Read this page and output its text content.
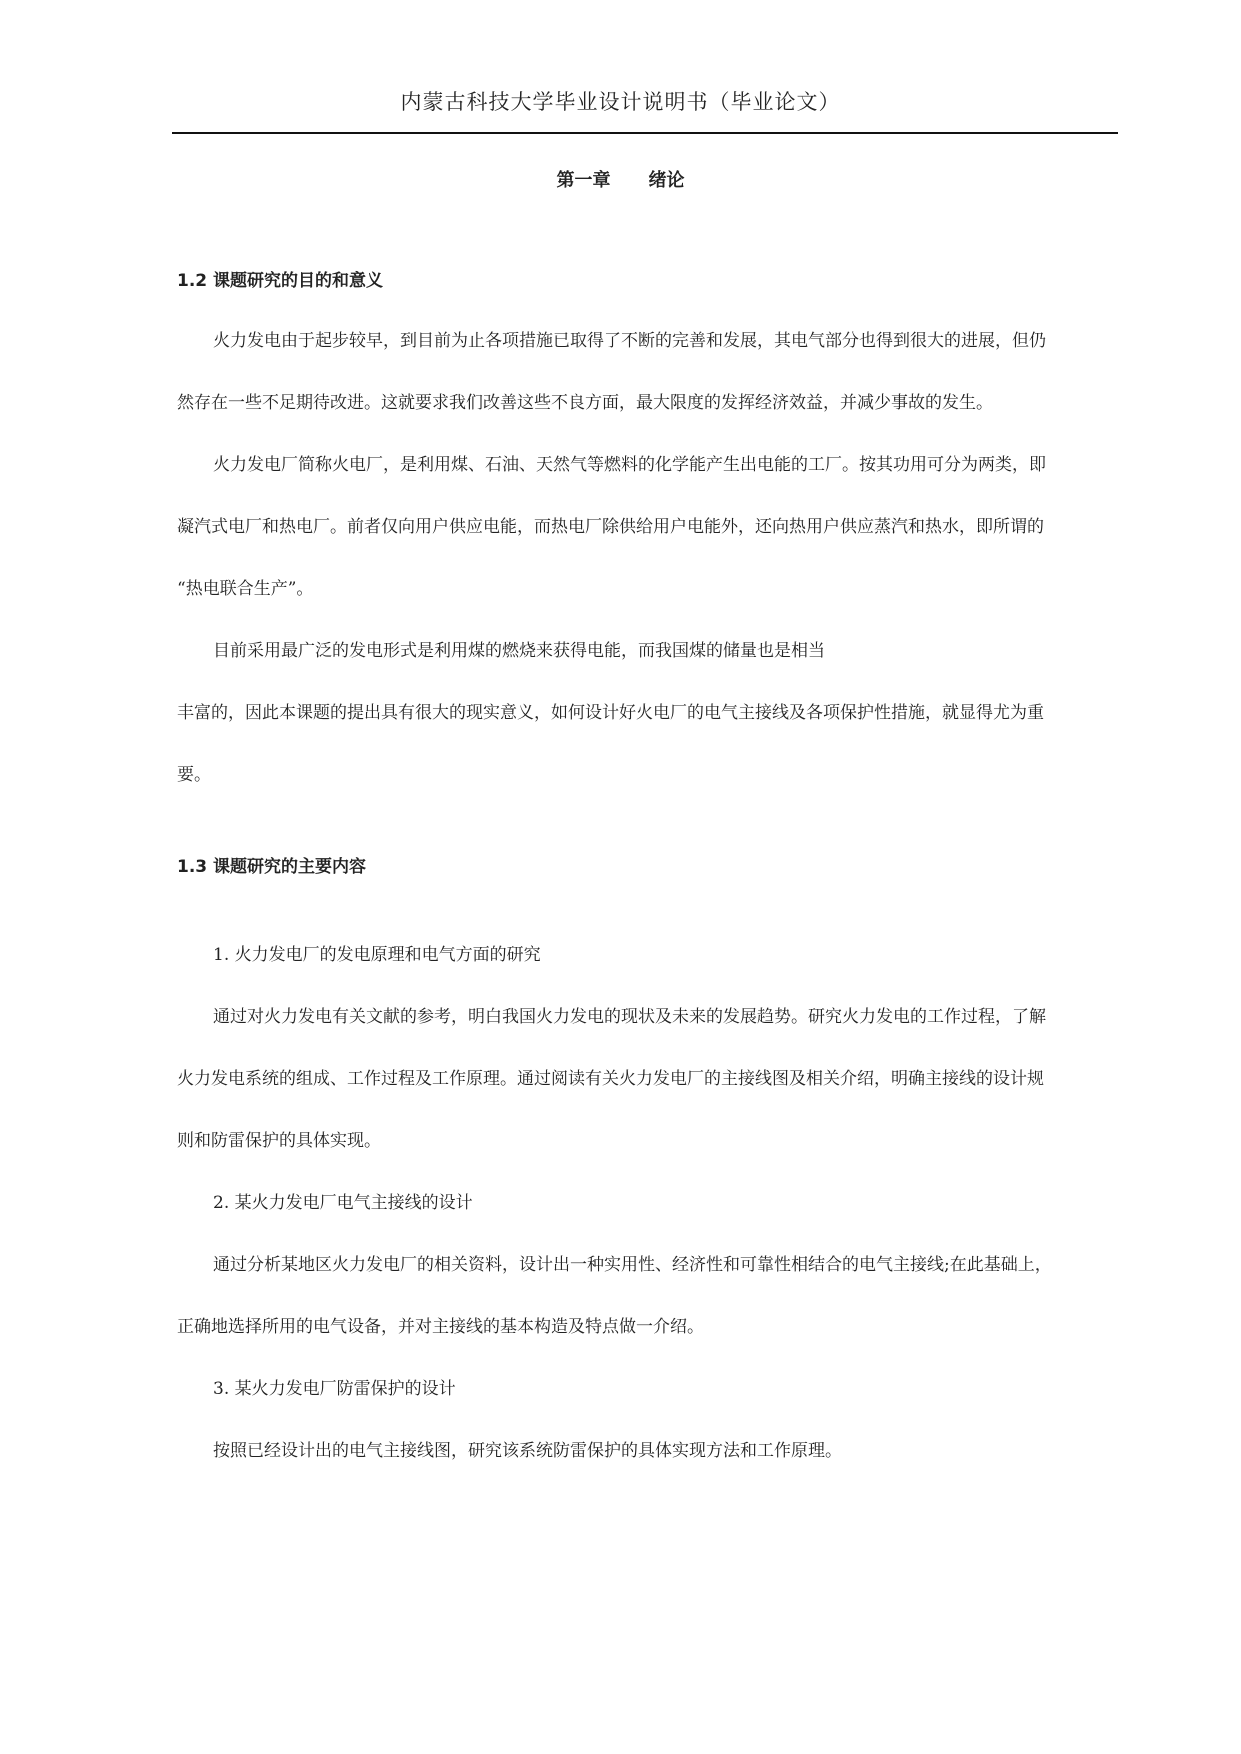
内蒙古科技大学毕业设计说明书（毕业论文）
第一章 绪论
1.2 课题研究的目的和意义
火力发电由于起步较早，到目前为止各项措施已取得了不断的完善和发展，其电气部分也得到很大的进展，但仍
然存在一些不足期待改进。这就要求我们改善这些不良方面，最大限度的发挥经济效益，并减少事故的发生。
火力发电厂简称火电厂，是利用煤、石油、天然气等燃料的化学能产生出电能的工厂。按其功用可分为两类，即
凝汽式电厂和热电厂。前者仅向用户供应电能，而热电厂除供给用户电能外，还向热用户供应蒸汽和热水，即所谓的
“热电联合生产”。
目前采用最广泛的发电形式是利用煤的燃烧来获得电能，而我国煤的储量也是相当
丰富的，因此本课题的提出具有很大的现实意义，如何设计好火电厂的电气主接线及各项保护性措施，就显得尤为重
要。
1.3 课题研究的主要内容
1. 火力发电厂的发电原理和电气方面的研究
通过对火力发电有关文献的参考，明白我国火力发电的现状及未来的发展趋势。研究火力发电的工作过程，了解
火力发电系统的组成、工作过程及工作原理。通过阅读有关火力发电厂的主接线图及相关介绍，明确主接线的设计规
则和防雷保护的具体实现。
2. 某火力发电厂电气主接线的设计
通过分析某地区火力发电厂的相关资料，设计出一种实用性、经济性和可靠性相结合的电气主接线;在此基础上，
正确地选择所用的电气设备，并对主接线的基本构造及特点做一介绍。
3. 某火力发电厂防雷保护的设计
按照已经设计出的电气主接线图，研究该系统防雷保护的具体实现方法和工作原理。
